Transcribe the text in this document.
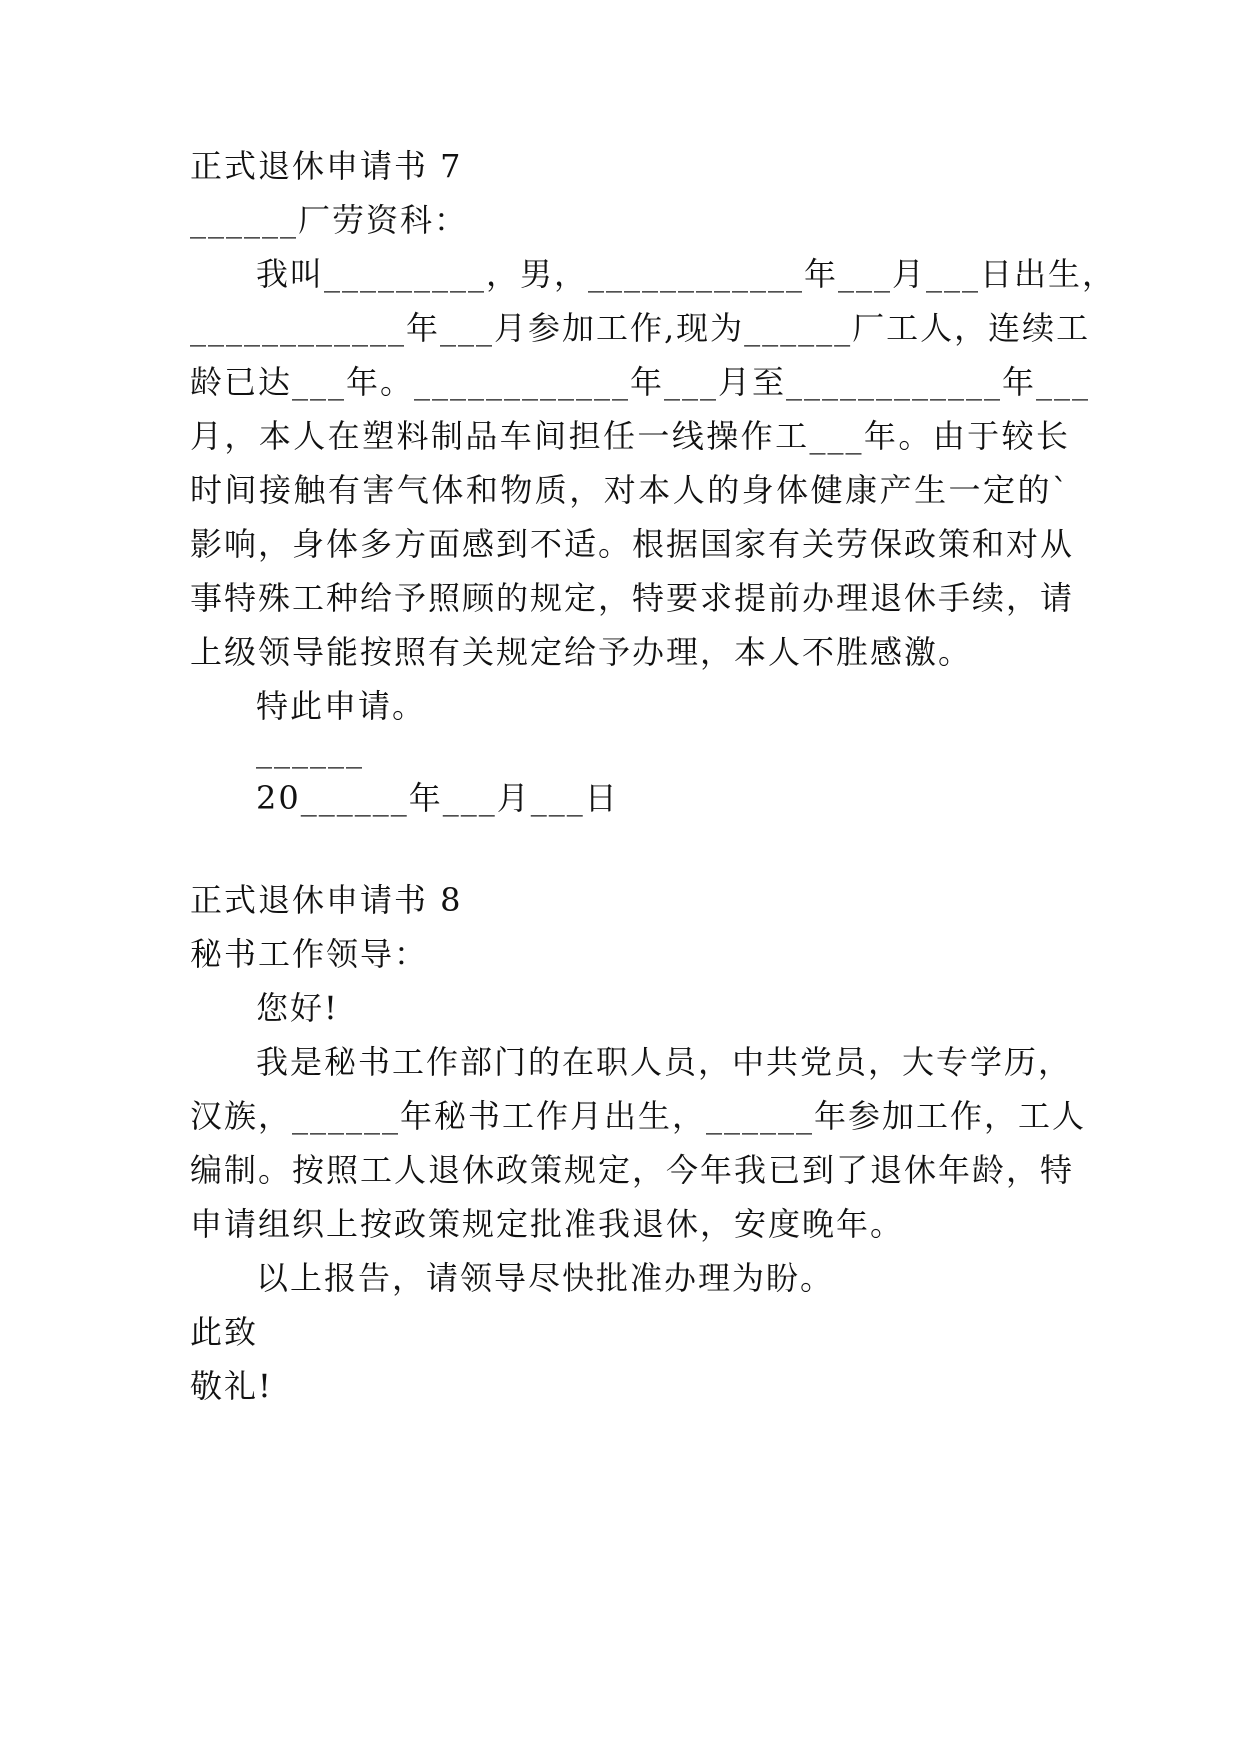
正式退休申请书 7
______厂劳资科：
我叫_________，男，____________年___月___日出生，
____________年___月参加工作,现为______厂工人，连续工
龄已达___年。____________年___月至____________年___
月，本人在塑料制品车间担任一线操作工___年。由于较长
时间接触有害气体和物质，对本人的身体健康产生一定的`
影响，身体多方面感到不适。根据国家有关劳保政策和对从
事特殊工种给予照顾的规定，特要求提前办理退休手续，请
上级领导能按照有关规定给予办理，本人不胜感激。
特此申请。
______
20______年___月___日
正式退休申请书 8
秘书工作领导：
您好!
我是秘书工作部门的在职人员，中共党员，大专学历，
汉族，______年秘书工作月出生，______年参加工作，工人
编制。按照工人退休政策规定，今年我已到了退休年龄，特
申请组织上按政策规定批准我退休，安度晚年。
以上报告，请领导尽快批准办理为盼。
此致
敬礼!
